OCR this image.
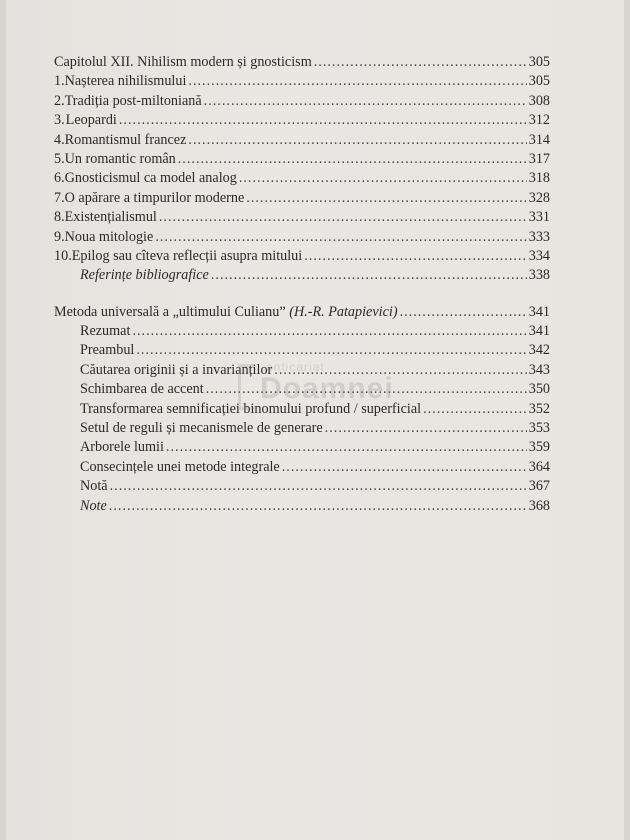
Capitolul XII. Nihilism modern și gnosticism .....	305
1. Nașterea nihilismului .....	305
2. Tradiția post-miltoniană .....	308
3. Leopardi .....	312
4. Romantismul francez .....	314
5. Un romantic român .....	317
6. Gnosticismul ca model analog .....	318
7. O apărare a timpurilor moderne .....	328
8. Existențialismul .....	331
9. Noua mitologie .....	333
10. Epilog sau cîteva reflecții asupra mitului .....	334
Referințe bibliografice .....	338
Metoda universală a „ultimului Culianu” (H.-R. Patapievici) .....	341
Rezumat .....	341
Preambul .....	342
Căutarea originii și a invarianților .....	343
Schimbarea de accent .....	350
Transformarea semnificației binomului profund / superficial .....	352
Setul de reguli și mecanismele de generare .....	353
Arborele lumii .....	359
Consecințele unei metode integrale .....	364
Notă .....	367
Note .....	368
anticariat
Doamnei
